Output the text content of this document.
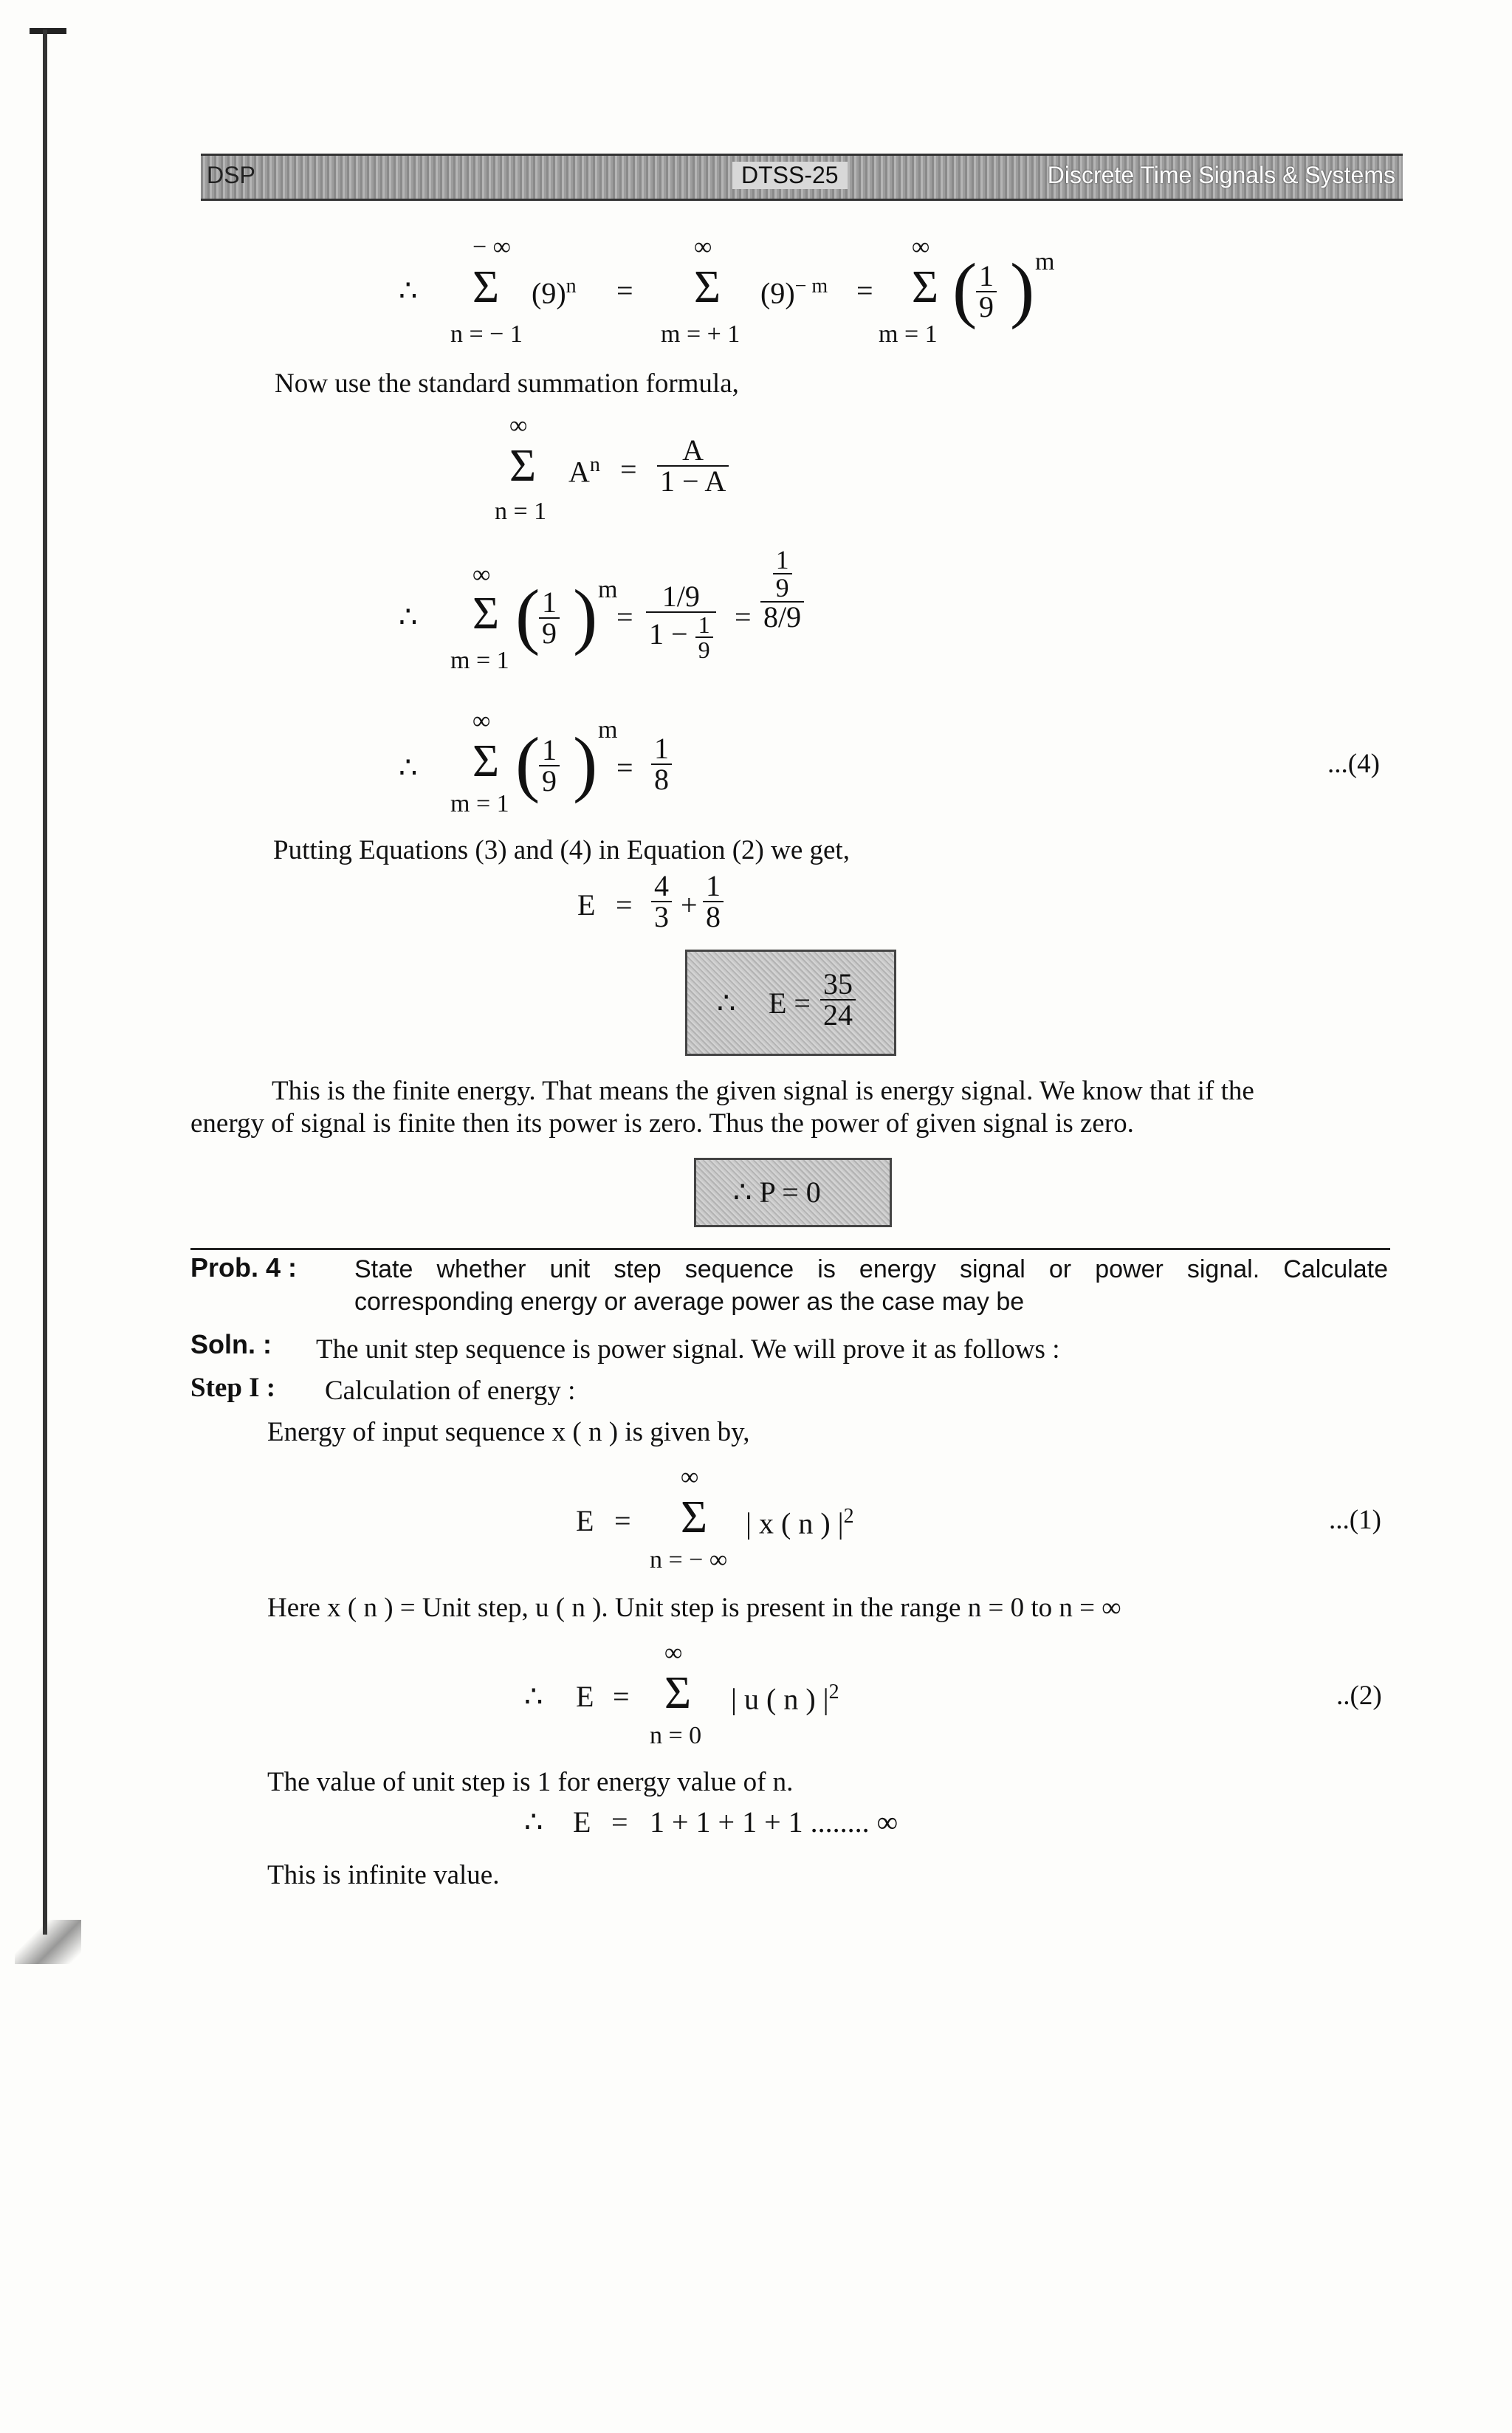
DSP	DTSS-25	Discrete Time Signals & Systems
∴
− ∞
Σ $(9)^n$
n = − 1
=
∞
Σ $(9)^{- m}$
m = + 1
=
∞
Σ (
$\frac{1}{9}$ ) m
m = 1
Now use the standard summation formula,
∞
Σ $A^n = \frac{A}{1 - A}$
n = 1
∴
∞
Σ (
$\frac{1}{9}$ ) m
m = 1
= $\frac{1/9}{1 - \frac{1}{9}} = \frac{\frac{1}{9}}{8/9}$
∴
∞
Σ (
$\frac{1}{9}$ ) m
m = 1
= $\frac{1}{8}$	...(4)
Putting Equations (3) and (4) in Equation (2) we get,
$E = \frac{4}{3} + \frac{1}{8}$
∴ $E = \frac{35}{24}$
This is the finite energy. That means the given signal is energy signal. We know that if the
energy of signal is finite then its power is zero. Thus the power of given signal is zero.
∴ P = 0
Prob. 4 : State whether unit step sequence is energy signal or power signal. Calculate
corresponding energy or average power as the case may be
Soln. : The unit step sequence is power signal. We will prove it as follows :
Step I : Calculation of energy :
Energy of input sequence x ( n ) is given by,
E =
∞
Σ | x ( n ) $|^2$
n = − ∞
...(1)
Here x ( n ) = Unit step, u ( n ). Unit step is present in the range n = 0 to n = ∞
∴ E =
∞
Σ | u ( n ) $|^2$
n = 0
..(2)
The value of unit step is 1 for energy value of n.
∴ E = 1 + 1 + 1 + 1 ........ ∞
This is infinite value.
